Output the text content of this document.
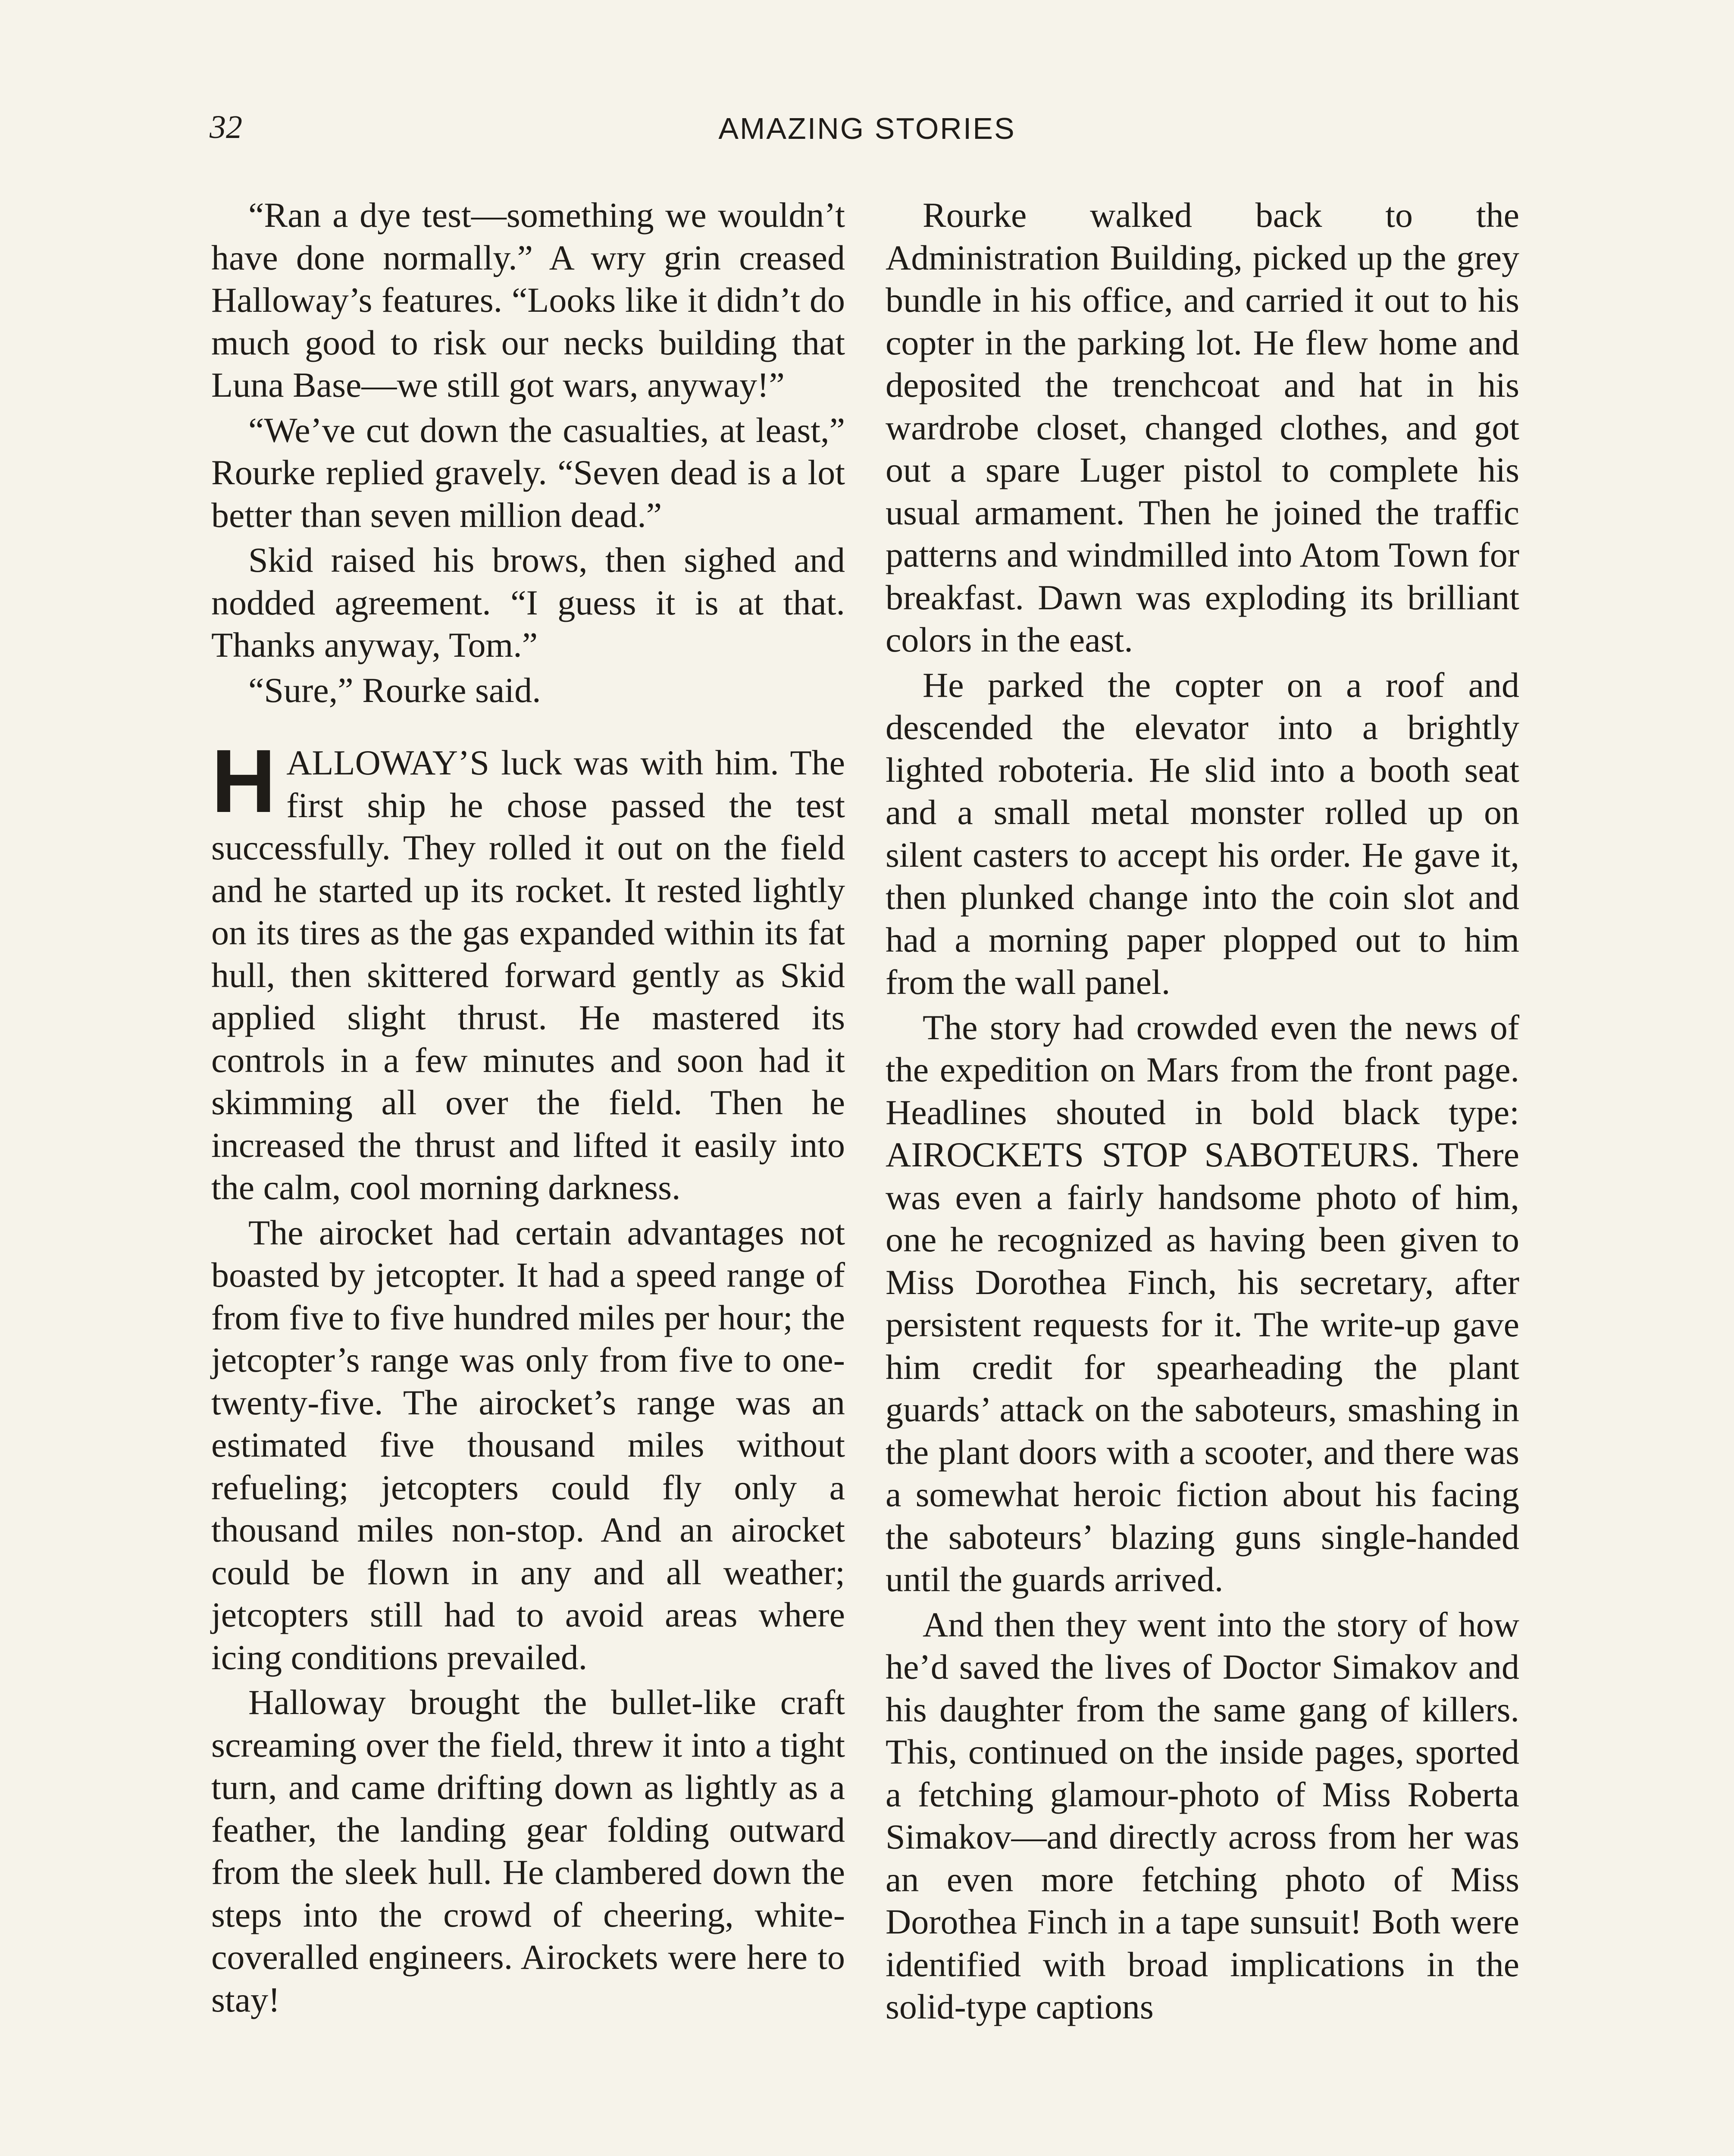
32	AMAZING STORIES

“Ran a dye test—something we wouldn’t have done normally.” A wry grin creased Halloway’s features. “Looks like it didn’t do much good to risk our necks building that Luna Base—we still got wars, anyway!”

“We’ve cut down the casualties, at least,” Rourke replied gravely. “Seven dead is a lot better than seven million dead.”

Skid raised his brows, then sighed and nodded agreement. “I guess it is at that. Thanks anyway, Tom.”

“Sure,” Rourke said.

HALLOWAY’S luck was with him. The first ship he chose passed the test successfully. They rolled it out on the field and he started up its rocket. It rested lightly on its tires as the gas expanded within its fat hull, then skittered forward gently as Skid applied slight thrust. He mastered its controls in a few minutes and soon had it skimming all over the field. Then he increased the thrust and lifted it easily into the calm, cool morning darkness.

The airocket had certain advantages not boasted by jetcopter. It had a speed range of from five to five hundred miles per hour; the jetcopter’s range was only from five to one-twenty-five. The airocket’s range was an estimated five thousand miles without refueling; jetcopters could fly only a thousand miles non-stop. And an airocket could be flown in any and all weather; jetcopters still had to avoid areas where icing conditions prevailed.

Halloway brought the bullet-like craft screaming over the field, threw it into a tight turn, and came drifting down as lightly as a feather, the landing gear folding outward from the sleek hull. He clambered down the steps into the crowd of cheering, white-coveralled engineers. Airockets were here to stay!

Rourke walked back to the Administration Building, picked up the grey bundle in his office, and carried it out to his copter in the parking lot. He flew home and deposited the trenchcoat and hat in his wardrobe closet, changed clothes, and got out a spare Luger pistol to complete his usual armament. Then he joined the traffic patterns and windmilled into Atom Town for breakfast. Dawn was exploding its brilliant colors in the east.

He parked the copter on a roof and descended the elevator into a brightly lighted roboteria. He slid into a booth seat and a small metal monster rolled up on silent casters to accept his order. He gave it, then plunked change into the coin slot and had a morning paper plopped out to him from the wall panel.

The story had crowded even the news of the expedition on Mars from the front page. Headlines shouted in bold black type: AIROCKETS STOP SABOTEURS. There was even a fairly handsome photo of him, one he recognized as having been given to Miss Dorothea Finch, his secretary, after persistent requests for it. The write-up gave him credit for spearheading the plant guards’ attack on the saboteurs, smashing in the plant doors with a scooter, and there was a somewhat heroic fiction about his facing the saboteurs’ blazing guns single-handed until the guards arrived.

And then they went into the story of how he’d saved the lives of Doctor Simakov and his daughter from the same gang of killers. This, continued on the inside pages, sported a fetching glamour-photo of Miss Roberta Simakov—and directly across from her was an even more fetching photo of Miss Dorothea Finch in a tape sunsuit! Both were identified with broad implications in the solid-type captions
